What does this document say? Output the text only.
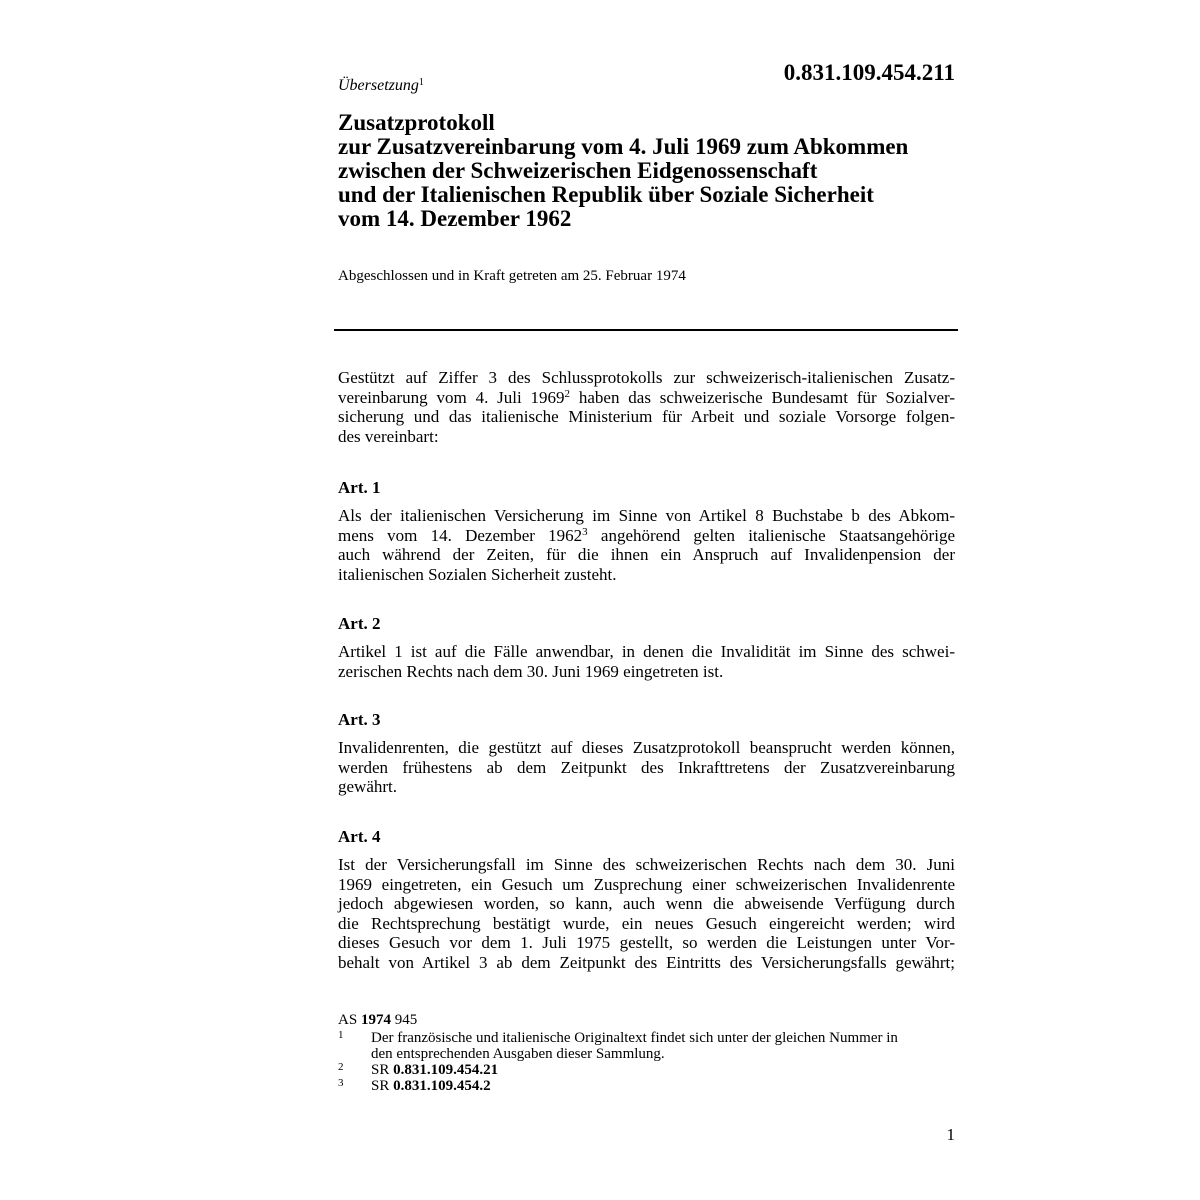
Übersetzung$^1$	0.831.109.454.211
Zusatzprotokoll
zur Zusatzvereinbarung vom 4. Juli 1969 zum Abkommen
zwischen der Schweizerischen Eidgenossenschaft
und der Italienischen Republik über Soziale Sicherheit
vom 14. Dezember 1962
Abgeschlossen und in Kraft getreten am 25. Februar 1974
Gestützt auf Ziffer 3 des Schlussprotokolls zur schweizerisch-italienischen Zusatz-
vereinbarung vom 4. Juli 1969$^2$ haben das schweizerische Bundesamt für Sozialver-
sicherung und das italienische Ministerium für Arbeit und soziale Vorsorge folgen-
des vereinbart:
Art. 1
Als der italienischen Versicherung im Sinne von Artikel 8 Buchstabe b des Abkom-
mens vom 14. Dezember 1962$^3$ angehörend gelten italienische Staatsangehörige
auch während der Zeiten, für die ihnen ein Anspruch auf Invalidenpension der
italienischen Sozialen Sicherheit zusteht.
Art. 2
Artikel 1 ist auf die Fälle anwendbar, in denen die Invalidität im Sinne des schwei-
zerischen Rechts nach dem 30. Juni 1969 eingetreten ist.
Art. 3
Invalidenrenten, die gestützt auf dieses Zusatzprotokoll beansprucht werden können,
werden frühestens ab dem Zeitpunkt des Inkrafttretens der Zusatzvereinbarung
gewährt.
Art. 4
Ist der Versicherungsfall im Sinne des schweizerischen Rechts nach dem 30. Juni
1969 eingetreten, ein Gesuch um Zusprechung einer schweizerischen Invalidenrente
jedoch abgewiesen worden, so kann, auch wenn die abweisende Verfügung durch
die Rechtsprechung bestätigt wurde, ein neues Gesuch eingereicht werden; wird
dieses Gesuch vor dem 1. Juli 1975 gestellt, so werden die Leistungen unter Vor-
behalt von Artikel 3 ab dem Zeitpunkt des Eintritts des Versicherungsfalls gewährt;
AS 1974 945
1 Der französische und italienische Originaltext findet sich unter der gleichen Nummer in
den entsprechenden Ausgaben dieser Sammlung.
2 SR 0.831.109.454.21
3 SR 0.831.109.454.2
1
